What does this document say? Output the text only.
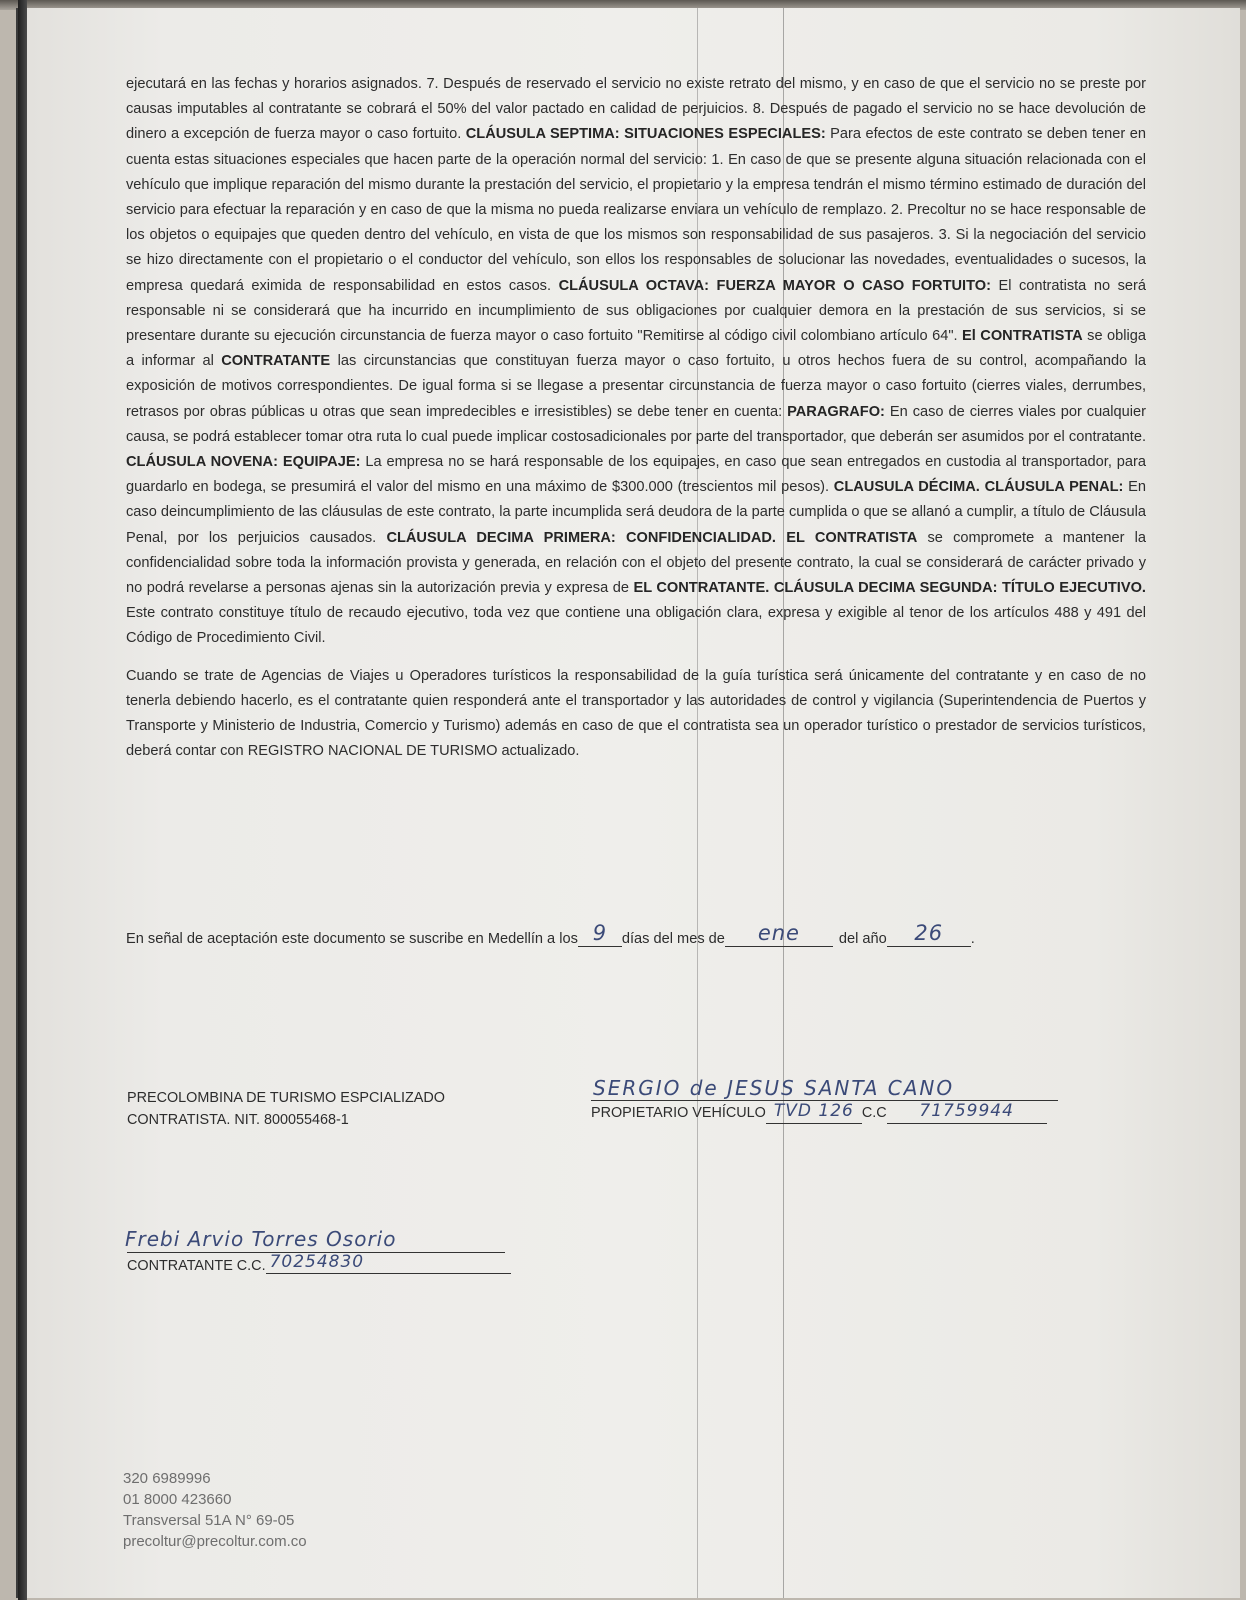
ejecutará en las fechas y horarios asignados. 7. Después de reservado el servicio no existe retrato del mismo, y en caso de que el servicio no se preste por causas imputables al contratante se cobrará el 50% del valor pactado en calidad de perjuicios. 8. Después de pagado el servicio no se hace devolución de dinero a excepción de fuerza mayor o caso fortuito. CLÁUSULA SEPTIMA: SITUACIONES ESPECIALES: Para efectos de este contrato se deben tener en cuenta estas situaciones especiales que hacen parte de la operación normal del servicio: 1. En caso de que se presente alguna situación relacionada con el vehículo que implique reparación del mismo durante la prestación del servicio, el propietario y la empresa tendrán el mismo término estimado de duración del servicio para efectuar la reparación y en caso de que la misma no pueda realizarse enviara un vehículo de remplazo. 2. Precoltur no se hace responsable de los objetos o equipajes que queden dentro del vehículo, en vista de que los mismos son responsabilidad de sus pasajeros. 3. Si la negociación del servicio se hizo directamente con el propietario o el conductor del vehículo, son ellos los responsables de solucionar las novedades, eventualidades o sucesos, la empresa quedará eximida de responsabilidad en estos casos. CLÁUSULA OCTAVA: FUERZA MAYOR O CASO FORTUITO: El contratista no será responsable ni se considerará que ha incurrido en incumplimiento de sus obligaciones por cualquier demora en la prestación de sus servicios, si se presentare durante su ejecución circunstancia de fuerza mayor o caso fortuito "Remitirse al código civil colombiano artículo 64". El CONTRATISTA se obliga a informar al CONTRATANTE las circunstancias que constituyan fuerza mayor o caso fortuito, u otros hechos fuera de su control, acompañando la exposición de motivos correspondientes. De igual forma si se llegase a presentar circunstancia de fuerza mayor o caso fortuito (cierres viales, derrumbes, retrasos por obras públicas u otras que sean impredecibles e irresistibles) se debe tener en cuenta: PARAGRAFO: En caso de cierres viales por cualquier causa, se podrá establecer tomar otra ruta lo cual puede implicar costosadicionales por parte del transportador, que deberán ser asumidos por el contratante. CLÁUSULA NOVENA: EQUIPAJE: La empresa no se hará responsable de los equipajes, en caso que sean entregados en custodia al transportador, para guardarlo en bodega, se presumirá el valor del mismo en una máximo de $300.000 (trescientos mil pesos). CLAUSULA DÉCIMA. CLÁUSULA PENAL: En caso deincumplimiento de las cláusulas de este contrato, la parte incumplida será deudora de la parte cumplida o que se allanó a cumplir, a título de Cláusula Penal, por los perjuicios causados. CLÁUSULA DECIMA PRIMERA: CONFIDENCIALIDAD. EL CONTRATISTA se compromete a mantener la confidencialidad sobre toda la información provista y generada, en relación con el objeto del presente contrato, la cual se considerará de carácter privado y no podrá revelarse a personas ajenas sin la autorización previa y expresa de EL CONTRATANTE. CLÁUSULA DECIMA SEGUNDA: TÍTULO EJECUTIVO. Este contrato constituye título de recaudo ejecutivo, toda vez que contiene una obligación clara, expresa y exigible al tenor de los artículos 488 y 491 del Código de Procedimiento Civil.

Cuando se trate de Agencias de Viajes u Operadores turísticos la responsabilidad de la guía turística será únicamente del contratante y en caso de no tenerla debiendo hacerlo, es el contratante quien responderá ante el transportador y las autoridades de control y vigilancia (Superintendencia de Puertos y Transporte y Ministerio de Industria, Comercio y Turismo) además en caso de que el contratista sea un operador turístico o prestador de servicios turísticos, deberá contar con REGISTRO NACIONAL DE TURISMO actualizado.

En señal de aceptación este documento se suscribe en Medellín a los 9	días del mes de	ene	del año	26	.
PRECOLOMBINA DE TURISMO ESPCIALIZADO
CONTRATISTA. NIT. 800055468-1
SERGIO de JESUS SANTA CANO
PROPIETARIO VEHÍCULO TVD 126 C.C	71759944
Frebi Arvio Torres Osorio
CONTRATANTE C.C. 70254830
320 6989996
01 8000 423660
Transversal 51A N° 69-05
precoltur@precoltur.com.co
